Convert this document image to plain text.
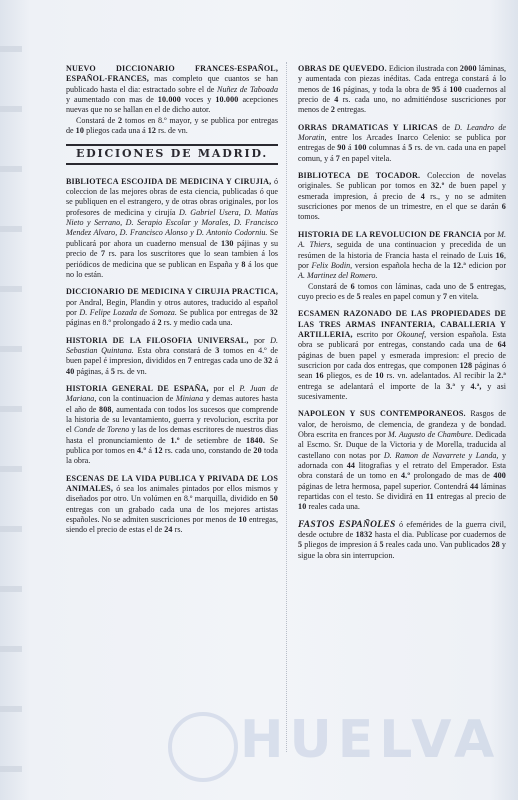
HUELVA

NUEVO DICCIONARIO FRANCES-ESPAÑOL, ESPAÑOL-FRANCES, mas completo que cuantos se han publicado hasta el dia: estractado sobre el de Nuñez de Taboada y aumentado con mas de 10.000 voces y 10.000 acepciones nuevas que no se hallan en el de dicho autor.

Constará de 2 tomos en 8.º mayor, y se publica por entregas de 10 pliegos cada una á 12 rs. de vn.

EDICIONES DE MADRID.

BIBLIOTECA ESCOJIDA DE MEDICINA Y CIRUJIA, ó coleccion de las mejores obras de esta ciencia, publicadas ó que se publiquen en el estrangero, y de otras obras originales, por los profesores de medicina y cirujía D. Gabriel Usera, D. Matías Nieto y Serrano, D. Serapio Escolar y Morales, D. Francisco Mendez Alvaro, D. Francisco Alonso y D. Antonio Codorniu. Se publicará por ahora un cuaderno mensual de 130 pájinas y su precio de 7 rs. para los suscritores que lo sean tambien á los periódicos de medicina que se publican en España y 8 á los que no lo están.

DICCIONARIO DE MEDICINA Y CIRUJIA PRACTICA, por Andral, Begin, Plandin y otros autores, traducido al español por D. Felipe Lozada de Somoza. Se publica por entregas de 32 páginas en 8.º prolongado á 2 rs. y medio cada una.

HISTORIA DE LA FILOSOFIA UNIVERSAL, por D. Sebastian Quintana. Esta obra constará de 3 tomos en 4.º de buen papel é impresion, divididos en 7 entregas cada uno de 32 á 40 páginas, á 5 rs. de vn.

HISTORIA GENERAL DE ESPAÑA, por el P. Juan de Mariana, con la continuacion de Miniana y demas autores hasta el año de 808, aumentada con todos los sucesos que comprende la historia de su levantamiento, guerra y revolucion, escrita por el Conde de Toreno y las de los demas escritores de nuestros dias hasta el pronunciamiento de 1.º de setiembre de 1840. Se publica por tomos en 4.º á 12 rs. cada uno, constando de 20 toda la obra.

ESCENAS DE LA VIDA PUBLICA Y PRIVADA DE LOS ANIMALES, ó sea los animales pintados por ellos mismos y diseñados por otro. Un volúmen en 8.º marquilla, dividido en 50 entregas con un grabado cada una de los mejores artistas españoles. No se admiten suscriciones por menos de 10 entregas, siendo el precio de estas el de 24 rs.

OBRAS DE QUEVEDO. Edicion ilustrada con 2000 láminas, y aumentada con piezas inéditas. Cada entrega constará á lo menos de 16 páginas, y toda la obra de 95 á 100 cuadernos al precio de 4 rs. cada uno, no admitiéndose suscriciones por menos de 2 entregas.

ORRAS DRAMATICAS Y LIRICAS de D. Leandro de Moratin, entre los Arcades Inarco Celenio: se publica por entregas de 90 á 100 columnas á 5 rs. de vn. cada una en papel comun, y á 7 en papel vitela.

BIBLIOTECA DE TOCADOR. Coleccion de novelas originales. Se publican por tomos en 32.º de buen papel y esmerada impresion, á precio de 4 rs., y no se admiten suscriciones por menos de un trimestre, en el que se darán 6 tomos.

HISTORIA DE LA REVOLUCION DE FRANCIA por M. A. Thiers, seguida de una continuacion y precedida de un resúmen de la historia de Francia hasta el reinado de Luis 16, por Felix Bodin, version española hecha de la 12.ª edicion por A. Martinez del Romero.

Constará de 6 tomos con láminas, cada uno de 5 entregas, cuyo precio es de 5 reales en papel comun y 7 en vitela.

ECSAMEN RAZONADO DE LAS PROPIEDADES DE LAS TRES ARMAS INFANTERIA, CABALLERIA Y ARTILLERIA, escrito por Okounef, version española. Esta obra se publicará por entregas, constando cada una de 64 páginas de buen papel y esmerada impresion: el precio de suscricion por cada dos entregas, que componen 128 páginas ó sean 16 pliegos, es de 10 rs. vn. adelantados. Al recibir la 2.ª entrega se adelantará el importe de la 3.ª y 4.ª, y asi sucesivamente.

NAPOLEON Y SUS CONTEMPORANEOS. Rasgos de valor, de heroismo, de clemencia, de grandeza y de bondad. Obra escrita en frances por M. Augusto de Chambure. Dedicada al Escmo. Sr. Duque de la Victoria y de Morella, traducida al castellano con notas por D. Ramon de Navarrete y Landa, y adornada con 44 litografias y el retrato del Emperador. Esta obra constará de un tomo en 4.º prolongado de mas de 400 páginas de letra hermosa, papel superior. Contendrá 44 láminas repartidas con el testo. Se dividirá en 11 entregas al precio de 10 reales cada una.

FASTOS ESPAÑOLES ó efemérides de la guerra civil, desde octubre de 1832 hasta el dia. Publícase por cuadernos de 5 pliegos de impresion á 5 reales cada uno. Van publicados 28 y sigue la obra sin interrupcion.
